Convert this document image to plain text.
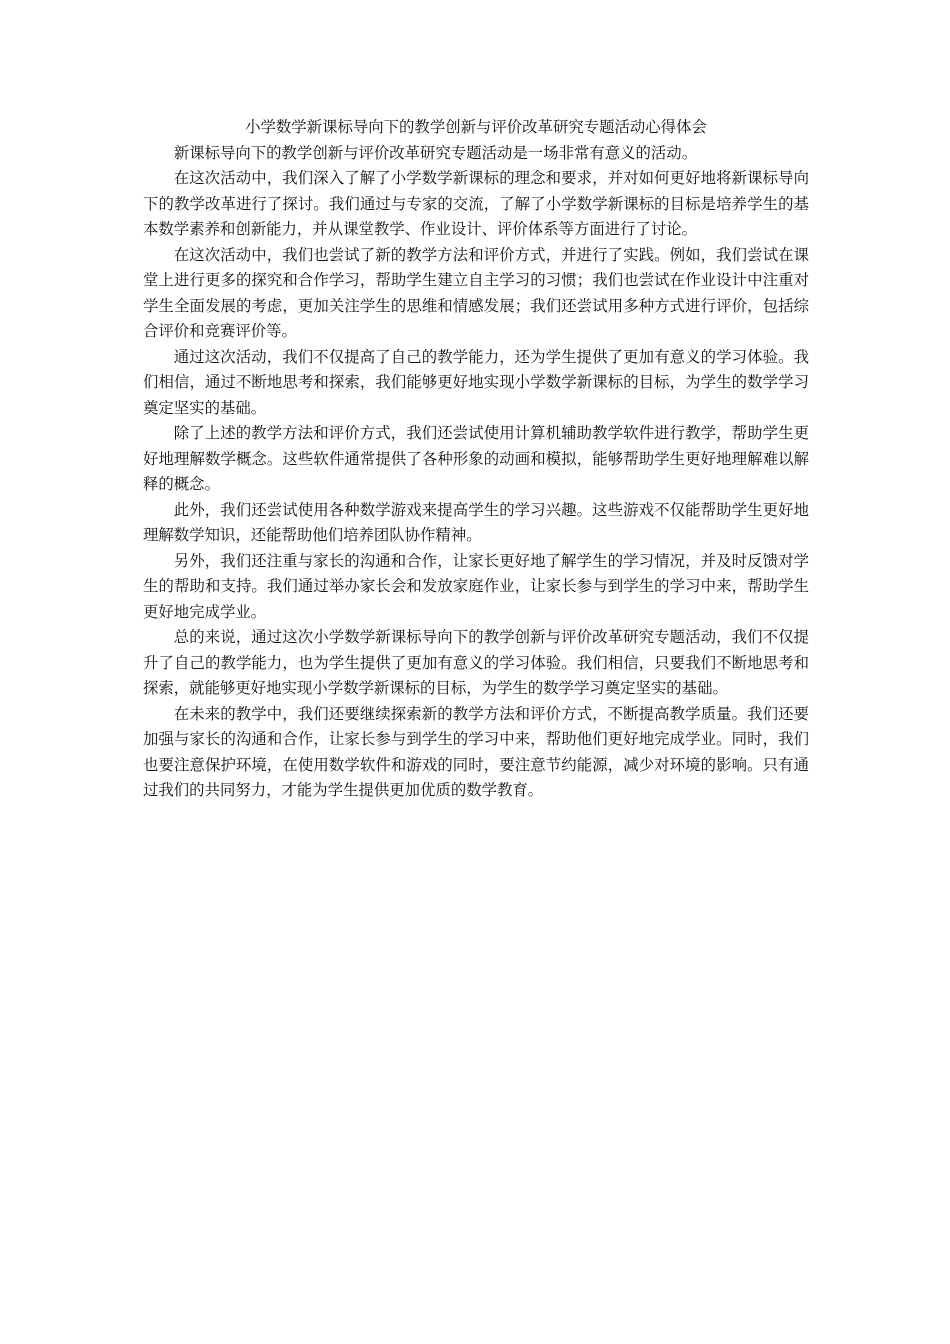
小学数学新课标导向下的教学创新与评价改革研究专题活动心得体会

新课标导向下的教学创新与评价改革研究专题活动是一场非常有意义的活动。

在这次活动中，我们深入了解了小学数学新课标的理念和要求，并对如何更好地将新课标导向下的教学改革进行了探讨。我们通过与专家的交流，了解了小学数学新课标的目标是培养学生的基本数学素养和创新能力，并从课堂教学、作业设计、评价体系等方面进行了讨论。

在这次活动中，我们也尝试了新的教学方法和评价方式，并进行了实践。例如，我们尝试在课堂上进行更多的探究和合作学习，帮助学生建立自主学习的习惯；我们也尝试在作业设计中注重对学生全面发展的考虑，更加关注学生的思维和情感发展；我们还尝试用多种方式进行评价，包括综合评价和竞赛评价等。

通过这次活动，我们不仅提高了自己的教学能力，还为学生提供了更加有意义的学习体验。我们相信，通过不断地思考和探索，我们能够更好地实现小学数学新课标的目标，为学生的数学学习奠定坚实的基础。

除了上述的教学方法和评价方式，我们还尝试使用计算机辅助教学软件进行教学，帮助学生更好地理解数学概念。这些软件通常提供了各种形象的动画和模拟，能够帮助学生更好地理解难以解释的概念。

此外，我们还尝试使用各种数学游戏来提高学生的学习兴趣。这些游戏不仅能帮助学生更好地理解数学知识，还能帮助他们培养团队协作精神。

另外，我们还注重与家长的沟通和合作，让家长更好地了解学生的学习情况，并及时反馈对学生的帮助和支持。我们通过举办家长会和发放家庭作业，让家长参与到学生的学习中来，帮助学生更好地完成学业。

总的来说，通过这次小学数学新课标导向下的教学创新与评价改革研究专题活动，我们不仅提升了自己的教学能力，也为学生提供了更加有意义的学习体验。我们相信，只要我们不断地思考和探索，就能够更好地实现小学数学新课标的目标，为学生的数学学习奠定坚实的基础。

在未来的教学中，我们还要继续探索新的教学方法和评价方式，不断提高教学质量。我们还要加强与家长的沟通和合作，让家长参与到学生的学习中来，帮助他们更好地完成学业。同时，我们也要注意保护环境，在使用数学软件和游戏的同时，要注意节约能源，减少对环境的影响。只有通过我们的共同努力，才能为学生提供更加优质的数学教育。
